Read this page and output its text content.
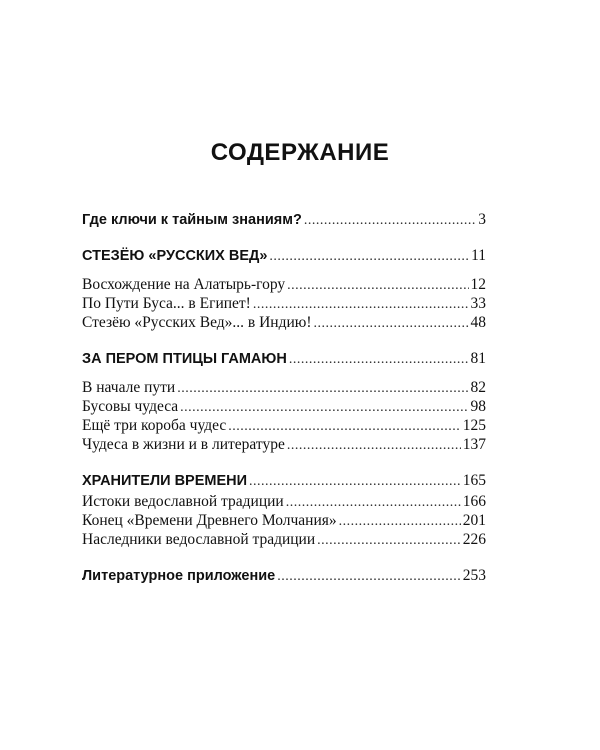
СОДЕРЖАНИЕ
Где ключи к тайным знаниям? .....	3
СТЕЗЁЮ «РУССКИХ ВЕД» .....	11
Восхождение на Алатырь-гору .....	12
По Пути Буса... в Египет! .....	33
Стезёю «Русских Вед»... в Индию! .....	48
ЗА ПЕРОМ ПТИЦЫ ГАМАЮН .....	81
В начале пути .....	82
Бусовы чудеса .....	98
Ещё три короба чудес .....	125
Чудеса в жизни и в литературе .....	137
ХРАНИТЕЛИ ВРЕМЕНИ .....	165
Истоки ведославной традиции .....	166
Конец «Времени Древнего Молчания» .....	201
Наследники ведославной традиции .....	226
Литературное приложение .....	253
